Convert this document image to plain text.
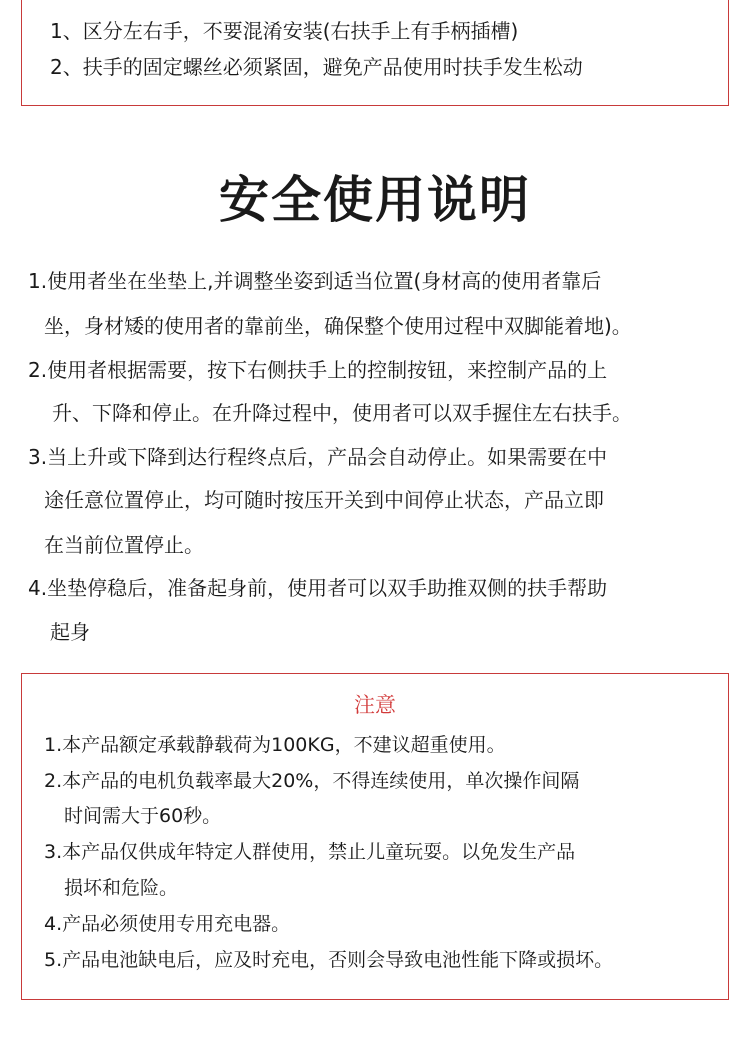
1、区分左右手，不要混淆安装(右扶手上有手柄插槽)
2、扶手的固定螺丝必须紧固，避免产品使用时扶手发生松动
安全使用说明
1.使用者坐在坐垫上,并调整坐姿到适当位置(身材高的使用者靠后
坐，身材矮的使用者的靠前坐，确保整个使用过程中双脚能着地)。
2.使用者根据需要，按下右侧扶手上的控制按钮，来控制产品的上
升、下降和停止。在升降过程中，使用者可以双手握住左右扶手。
3.当上升或下降到达行程终点后，产品会自动停止。如果需要在中
途任意位置停止，均可随时按压开关到中间停止状态，产品立即
在当前位置停止。
4.坐垫停稳后，准备起身前，使用者可以双手助推双侧的扶手帮助
起身
注意
1.本产品额定承载静载荷为100KG，不建议超重使用。
2.本产品的电机负载率最大20%，不得连续使用，单次操作间隔
时间需大于60秒。
3.本产品仅供成年特定人群使用，禁止儿童玩耍。以免发生产品
损坏和危险。
4.产品必须使用专用充电器。
5.产品电池缺电后，应及时充电，否则会导致电池性能下降或损坏。
